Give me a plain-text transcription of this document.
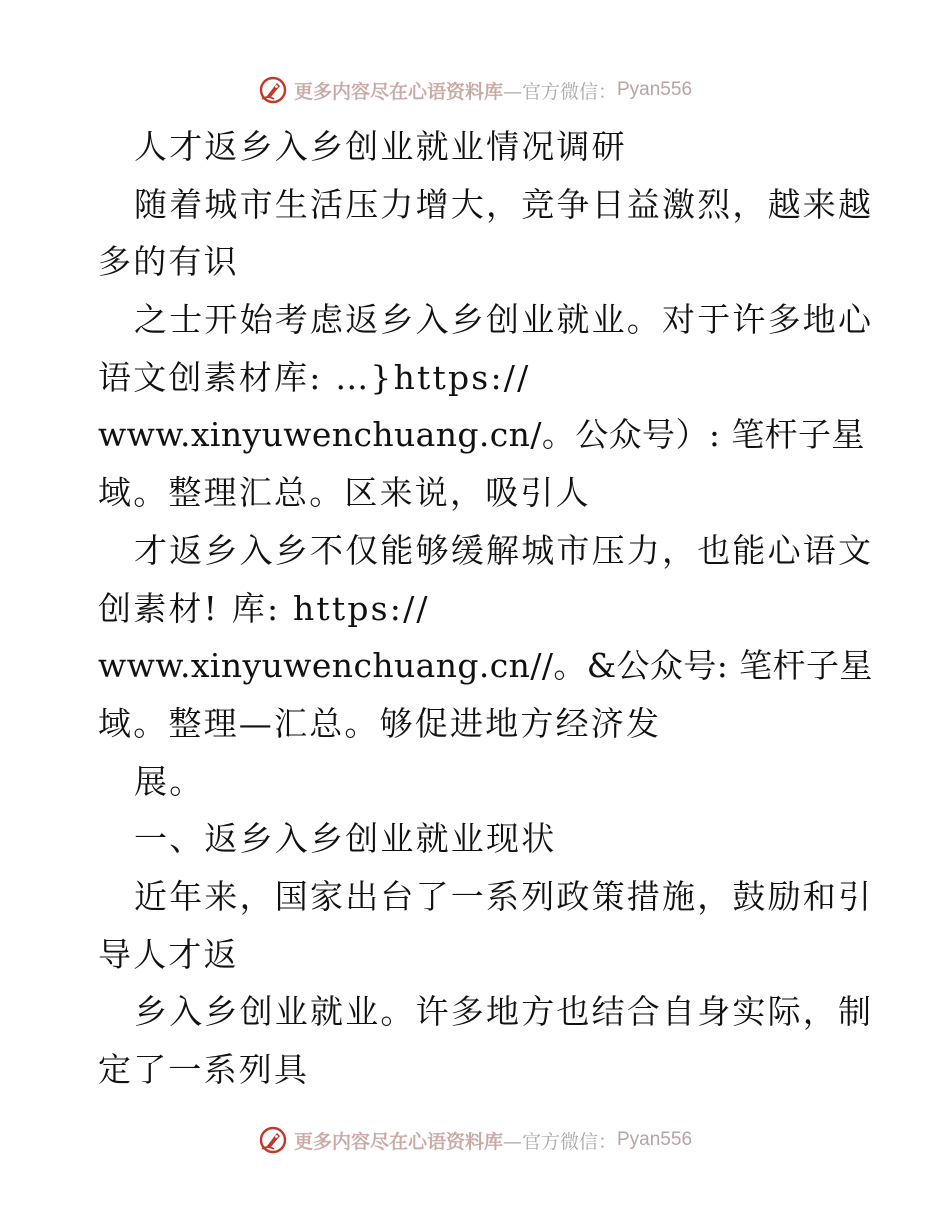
更多内容尽在心语资料库 —官方微信： Pyan556
人才返乡入乡创业就业情况调研
随着城市生活压力增大，竞争日益激烈，越来越
多的有识
之士开始考虑返乡入乡创业就业。对于许多地心
语文创素材库: …}https://
www.xinyuwenchuang.cn/。公众号）: 笔杆子星
域。整理汇总。区来说，吸引人
才返乡入乡不仅能够缓解城市压力，也能心语文
创素材! 库: https://
www.xinyuwenchuang.cn//。&公众号: 笔杆子星
域。整理—汇总。够促进地方经济发
展。
一、返乡入乡创业就业现状
近年来，国家出台了一系列政策措施，鼓励和引
导人才返
乡入乡创业就业。许多地方也结合自身实际，制
定了一系列具
更多内容尽在心语资料库 —官方微信： Pyan556
